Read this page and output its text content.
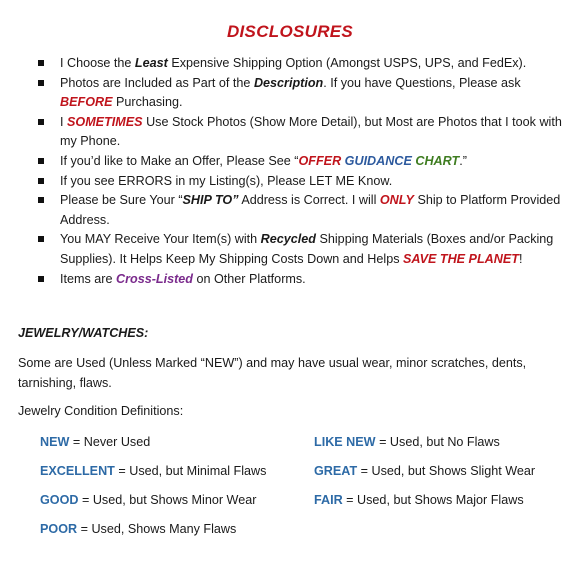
DISCLOSURES
I Choose the Least Expensive Shipping Option (Amongst USPS, UPS, and FedEx).
Photos are Included as Part of the Description. If you have Questions, Please ask BEFORE Purchasing.
I SOMETIMES Use Stock Photos (Show More Detail), but Most are Photos that I took with my Phone.
If you’d like to Make an Offer, Please See “OFFER GUIDANCE CHART.”
If you see ERRORS in my Listing(s), Please LET ME Know.
Please be Sure Your “SHIP TO” Address is Correct. I will ONLY Ship to Platform Provided Address.
You MAY Receive Your Item(s) with Recycled Shipping Materials (Boxes and/or Packing Supplies). It Helps Keep My Shipping Costs Down and Helps SAVE THE PLANET!
Items are Cross-Listed on Other Platforms.
JEWELRY/WATCHES:
Some are Used (Unless Marked “NEW”) and may have usual wear, minor scratches, dents, tarnishing, flaws.
Jewelry Condition Definitions:
NEW = Never Used	LIKE NEW = Used, but No Flaws
EXCELLENT = Used, but Minimal Flaws	GREAT = Used, but Shows Slight Wear
GOOD = Used, but Shows Minor Wear	FAIR = Used, but Shows Major Flaws
POOR = Used, Shows Many Flaws
